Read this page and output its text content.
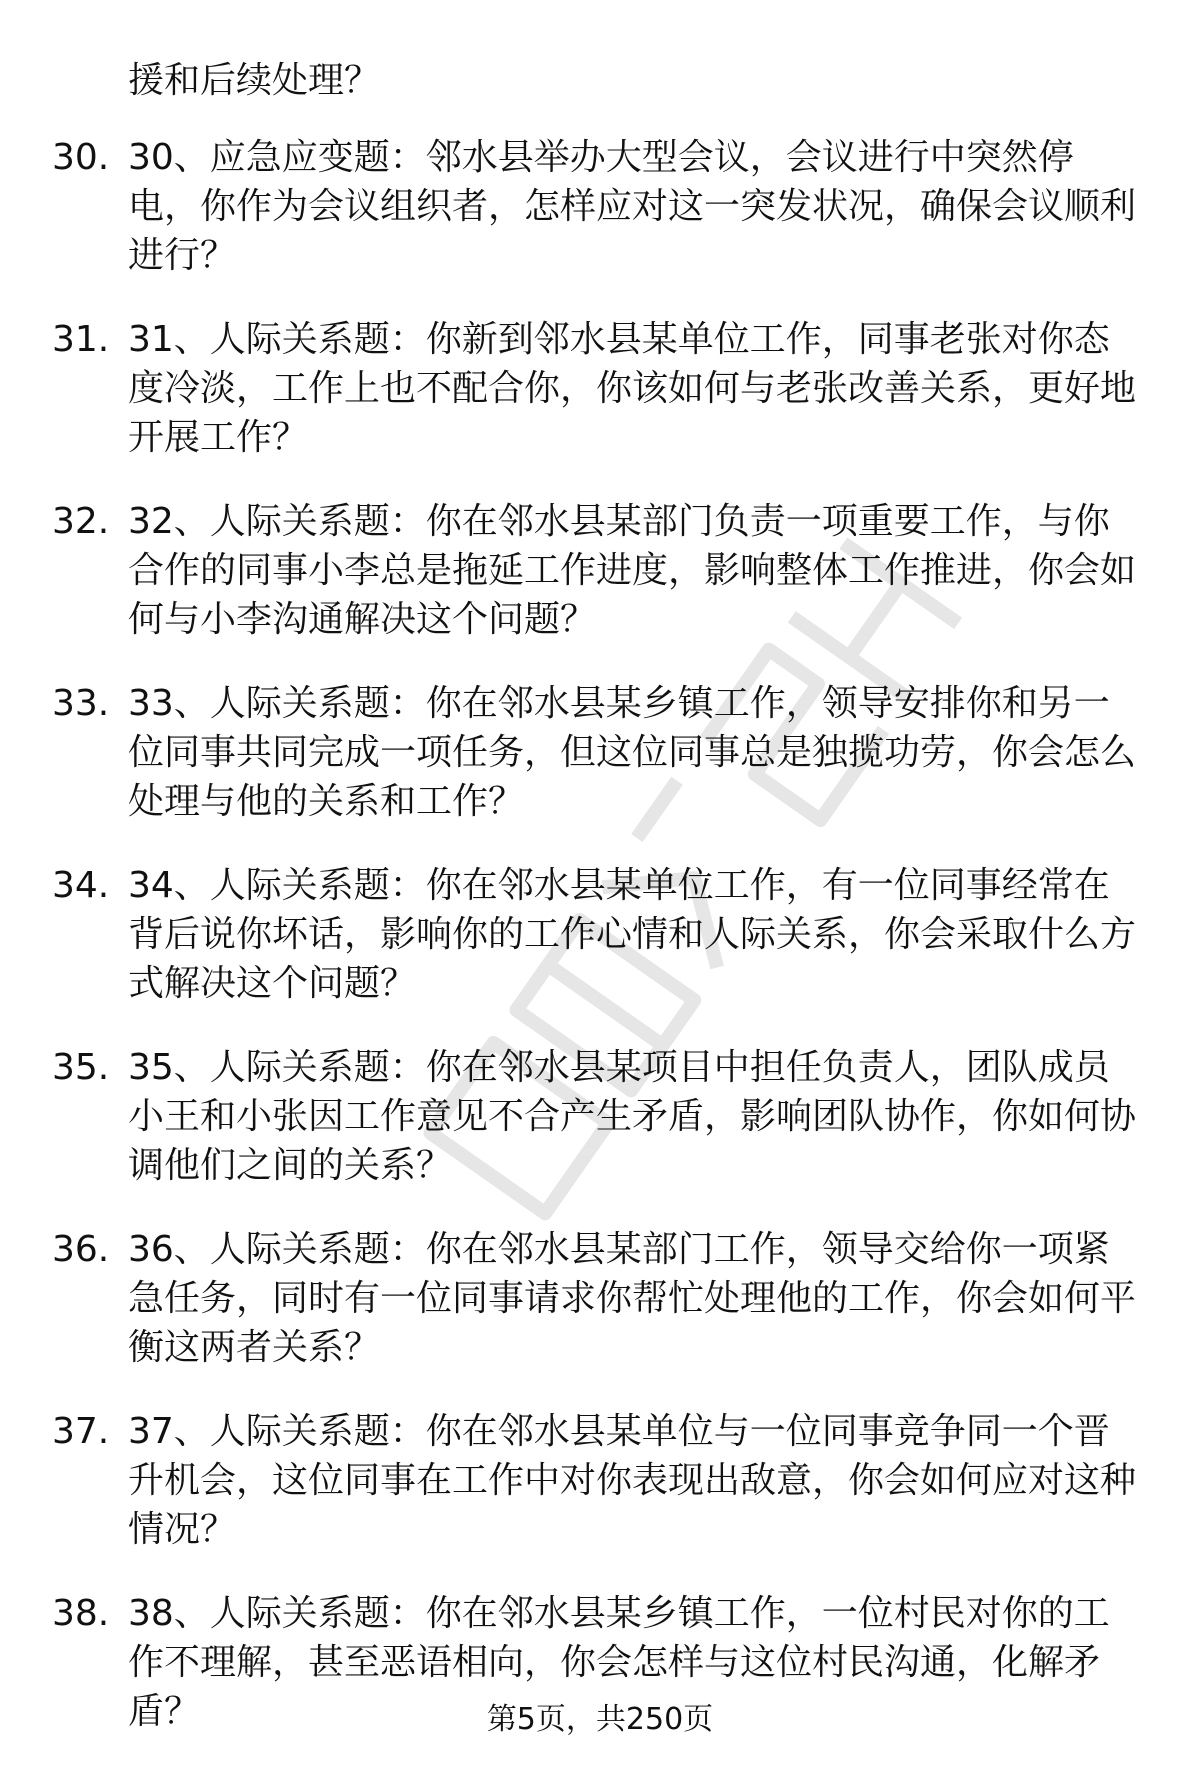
援和后续处理？

30. 30、应急应变题：邻水县举办大型会议，会议进行中突然停电，你作为会议组织者，怎样应对这一突发状况，确保会议顺利进行？
31. 31、人际关系题：你新到邻水县某单位工作，同事老张对你态度冷淡，工作上也不配合你，你该如何与老张改善关系，更好地开展工作？
32. 32、人际关系题：你在邻水县某部门负责一项重要工作，与你合作的同事小李总是拖延工作进度，影响整体工作推进，你会如何与小李沟通解决这个问题？
33. 33、人际关系题：你在邻水县某乡镇工作，领导安排你和另一位同事共同完成一项任务，但这位同事总是独揽功劳，你会怎么处理与他的关系和工作？
34. 34、人际关系题：你在邻水县某单位工作，有一位同事经常在背后说你坏话，影响你的工作心情和人际关系，你会采取什么方式解决这个问题？
35. 35、人际关系题：你在邻水县某项目中担任负责人，团队成员小王和小张因工作意见不合产生矛盾，影响团队协作，你如何协调他们之间的关系？
36. 36、人际关系题：你在邻水县某部门工作，领导交给你一项紧急任务，同时有一位同事请求你帮忙处理他的工作，你会如何平衡这两者关系？
37. 37、人际关系题：你在邻水县某单位与一位同事竞争同一个晋升机会，这位同事在工作中对你表现出敌意，你会如何应对这种情况？
38. 38、人际关系题：你在邻水县某乡镇工作，一位村民对你的工作不理解，甚至恶语相向，你会怎样与这位村民沟通，化解矛盾？	第5页，共250页
